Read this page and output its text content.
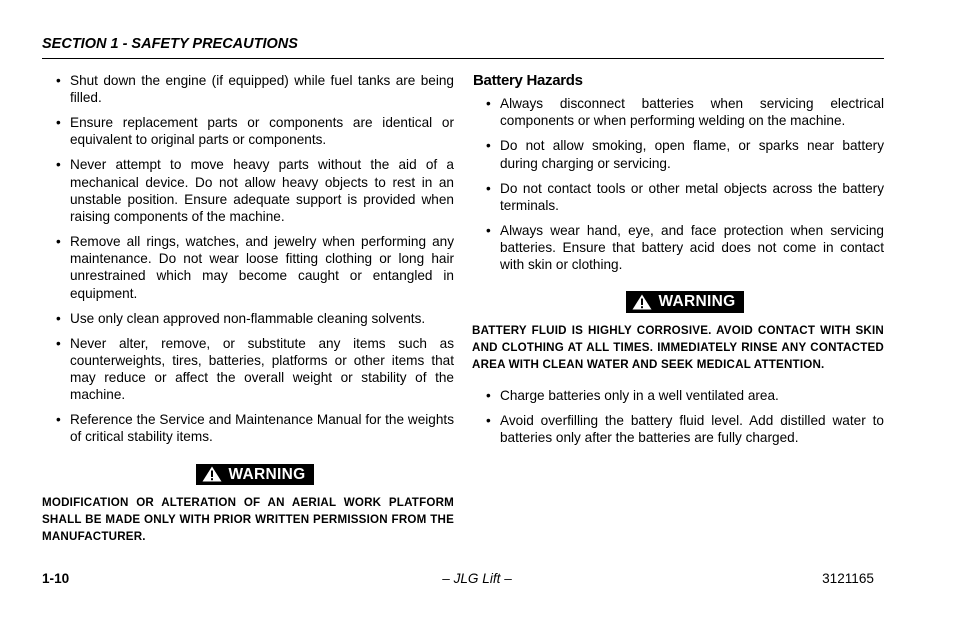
SECTION 1 - SAFETY PRECAUTIONS
• Shut down the engine (if equipped) while fuel tanks are being filled.
• Ensure replacement parts or components are identical or equivalent to original parts or components.
• Never attempt to move heavy parts without the aid of a mechanical device. Do not allow heavy objects to rest in an unstable position. Ensure adequate support is provided when raising components of the machine.
• Remove all rings, watches, and jewelry when performing any maintenance. Do not wear loose fitting clothing or long hair unrestrained which may become caught or entangled in equipment.
• Use only clean approved non-flammable cleaning solvents.
• Never alter, remove, or substitute any items such as counterweights, tires, batteries, platforms or other items that may reduce or affect the overall weight or stability of the machine.
• Reference the Service and Maintenance Manual for the weights of critical stability items.
WARNING
MODIFICATION OR ALTERATION OF AN AERIAL WORK PLATFORM SHALL BE MADE ONLY WITH PRIOR WRITTEN PERMISSION FROM THE MANUFACTURER.
Battery Hazards
• Always disconnect batteries when servicing electrical components or when performing welding on the machine.
• Do not allow smoking, open flame, or sparks near battery during charging or servicing.
• Do not contact tools or other metal objects across the battery terminals.
• Always wear hand, eye, and face protection when servicing batteries. Ensure that battery acid does not come in contact with skin or clothing.
WARNING
BATTERY FLUID IS HIGHLY CORROSIVE. AVOID CONTACT WITH SKIN AND CLOTHING AT ALL TIMES. IMMEDIATELY RINSE ANY CONTACTED AREA WITH CLEAN WATER AND SEEK MEDICAL ATTENTION.
• Charge batteries only in a well ventilated area.
• Avoid overfilling the battery fluid level. Add distilled water to batteries only after the batteries are fully charged.
1-10	– JLG Lift –	3121165
